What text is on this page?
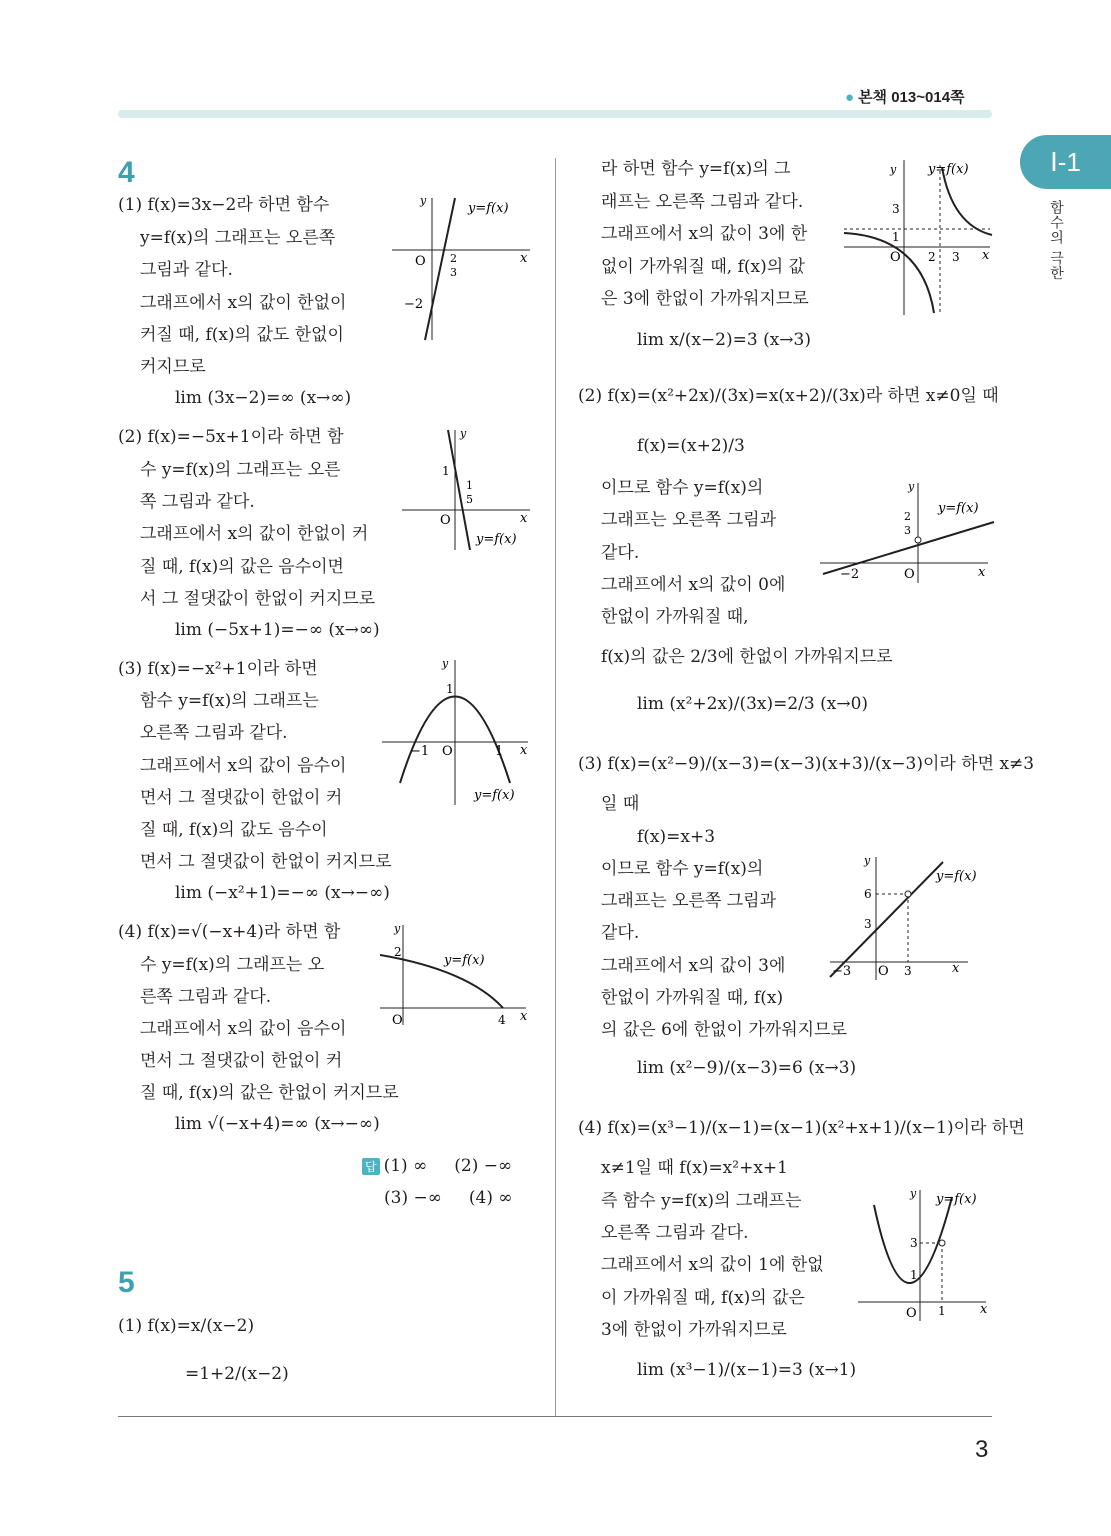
● 본책 013~014쪽
Ⅰ-1
함수의 극한
3
4
(1) f(x)=3x−2라 하면 함수
y=f(x)의 그래프는 오른쪽
그림과 같다.
그래프에서 x의 값이 한없이
커질 때, f(x)의 값도 한없이
커지므로
lim (3x−2)=∞ (x→∞)
(2) f(x)=−5x+1이라 하면 함
수 y=f(x)의 그래프는 오른
쪽 그림과 같다.
그래프에서 x의 값이 한없이 커
질 때, f(x)의 값은 음수이면
서 그 절댓값이 한없이 커지므로
lim (−5x+1)=−∞ (x→∞)
(3) f(x)=−x²+1이라 하면
함수 y=f(x)의 그래프는
오른쪽 그림과 같다.
그래프에서 x의 값이 음수이
면서 그 절댓값이 한없이 커
질 때, f(x)의 값도 음수이
면서 그 절댓값이 한없이 커지므로
lim (−x²+1)=−∞ (x→−∞)
(4) f(x)=√(−x+4)라 하면 함
수 y=f(x)의 그래프는 오
른쪽 그림과 같다.
그래프에서 x의 값이 음수이
면서 그 절댓값이 한없이 커
질 때, f(x)의 값은 한없이 커지므로
lim √(−x+4)=∞ (x→−∞)
답 (1) ∞ (2) −∞
(3) −∞ (4) ∞
5
(1) f(x)=x/(x−2)
=1+2/(x−2)
라 하면 함수 y=f(x)의 그
래프는 오른쪽 그림과 같다.
그래프에서 x의 값이 3에 한
없이 가까워질 때, f(x)의 값
은 3에 한없이 가까워지므로
lim x/(x−2)=3 (x→3)
(2) f(x)=(x²+2x)/(3x)=x(x+2)/(3x)라 하면 x≠0일 때
f(x)=(x+2)/3
이므로 함수 y=f(x)의
그래프는 오른쪽 그림과
같다.
그래프에서 x의 값이 0에
한없이 가까워질 때,
f(x)의 값은 2/3에 한없이 가까워지므로
lim (x²+2x)/(3x)=2/3 (x→0)
(3) f(x)=(x²−9)/(x−3)=(x−3)(x+3)/(x−3)이라 하면 x≠3
일 때
f(x)=x+3
이므로 함수 y=f(x)의
그래프는 오른쪽 그림과
같다.
그래프에서 x의 값이 3에
한없이 가까워질 때, f(x)
의 값은 6에 한없이 가까워지므로
lim (x²−9)/(x−3)=6 (x→3)
(4) f(x)=(x³−1)/(x−1)=(x−1)(x²+x+1)/(x−1)이라 하면
x≠1일 때 f(x)=x²+x+1
즉 함수 y=f(x)의 그래프는
오른쪽 그림과 같다.
그래프에서 x의 값이 1에 한없
이 가까워질 때, f(x)의 값은
3에 한없이 가까워지므로
lim (x³−1)/(x−1)=3 (x→1)
y
x
O
y=f(x)
2
3
−2
y
x
O
y=f(x)
1
1
5
y
x
O
y=f(x)
1
−1	1
y
x
O
y=f(x)
2
4
y
x
O
y=f(x)
3
1
2 3
y
x
O
y=f(x)
2
3
−2
y
x
O
y=f(x)
6
3
−3	3
y
x
O
y=f(x)
3
1
1
